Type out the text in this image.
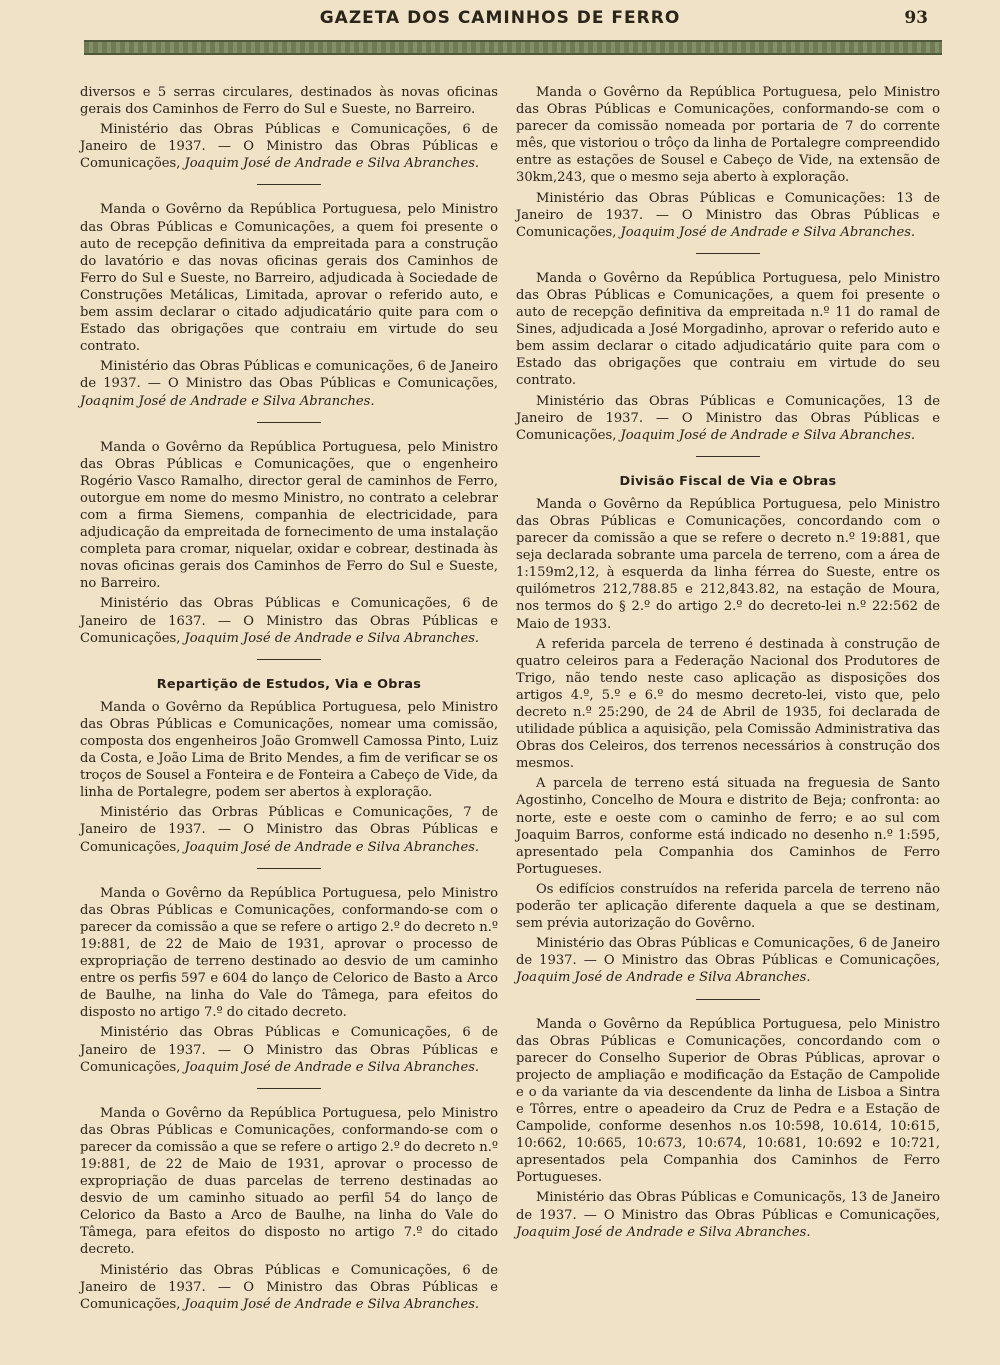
GAZETA DOS CAMINHOS DE FERRO	93

diversos e 5 serras circulares, destinados às novas oficinas gerais dos Caminhos de Ferro do Sul e Sueste, no Barreiro.

Ministério das Obras Públicas e Comunicações, 6 de Janeiro de 1937. — O Ministro das Obras Públicas e Comunicações, Joaquim José de Andrade e Silva Abranches.

Manda o Govêrno da República Portuguesa, pelo Ministro das Obras Públicas e Comunicações, a quem foi presente o auto de recepção definitiva da empreitada para a construção do lavatório e das novas oficinas gerais dos Caminhos de Ferro do Sul e Sueste, no Barreiro, adjudicada à Sociedade de Construções Metálicas, Limitada, aprovar o referido auto, e bem assim declarar o citado adjudicatário quite para com o Estado das obrigações que contraiu em virtude do seu contrato.

Ministério das Obras Públicas e comunicações, 6 de Janeiro de 1937. — O Ministro das Obas Públicas e Comunicações, Joaqnim José de Andrade e Silva Abranches.

Manda o Govêrno da República Portuguesa, pelo Ministro das Obras Públicas e Comunicações, que o engenheiro Rogério Vasco Ramalho, director geral de caminhos de Ferro, outorgue em nome do mesmo Ministro, no contrato a celebrar com a firma Siemens, companhia de electricidade, para adjudicação da empreitada de fornecimento de uma instalação completa para cromar, niquelar, oxidar e cobrear, destinada às novas oficinas gerais dos Caminhos de Ferro do Sul e Sueste, no Barreiro.

Ministério das Obras Públicas e Comunicações, 6 de Janeiro de 1637. — O Ministro das Obras Públicas e Comunicações, Joaquim José de Andrade e Silva Abranches.

Repartição de Estudos, Via e Obras

Manda o Govêrno da República Portuguesa, pelo Ministro das Obras Públicas e Comunicações, nomear uma comissão, composta dos engenheiros João Gromwell Camossa Pinto, Luiz da Costa, e João Lima de Brito Mendes, a fim de verificar se os troços de Sousel a Fonteira e de Fonteira a Cabeço de Vide, da linha de Portalegre, podem ser abertos à exploração.

Ministério das Orbras Públicas e Comunicações, 7 de Janeiro de 1937. — O Ministro das Obras Públicas e Comunicações, Joaquim José de Andrade e Silva Abranches.

Manda o Govêrno da República Portuguesa, pelo Ministro das Obras Públicas e Comunicações, conformando-se com o parecer da comissão a que se refere o artigo 2.º do decreto n.º 19:881, de 22 de Maio de 1931, aprovar o processo de expropriação de terreno destinado ao desvio de um caminho entre os perfis 597 e 604 do lanço de Celorico de Basto a Arco de Baulhe, na linha do Vale do Tâmega, para efeitos do disposto no artigo 7.º do citado decreto.

Ministério das Obras Públicas e Comunicações, 6 de Janeiro de 1937. — O Ministro das Obras Públicas e Comunicações, Joaquim José de Andrade e Silva Abranches.

Manda o Govêrno da República Portuguesa, pelo Ministro das Obras Públicas e Comunicações, conformando-se com o parecer da comissão a que se refere o artigo 2.º do decreto n.º 19:881, de 22 de Maio de 1931, aprovar o processo de expropriação de duas parcelas de terreno destinadas ao desvio de um caminho situado ao perfil 54 do lanço de Celorico da Basto a Arco de Baulhe, na linha do Vale do Tâmega, para efeitos do disposto no artigo 7.º do citado decreto.

Ministério das Obras Públicas e Comunicações, 6 de Janeiro de 1937. — O Ministro das Obras Públicas e Comunicações, Joaquim José de Andrade e Silva Abranches.

Manda o Govêrno da República Portuguesa, pelo Ministro das Obras Públicas e Comunicações, conformando-se com o parecer da comissão nomeada por portaria de 7 do corrente mês, que vistoriou o trôço da linha de Portalegre compreendido entre as estações de Sousel e Cabeço de Vide, na extensão de 30km,243, que o mesmo seja aberto à exploração.

Ministério das Obras Públicas e Comunicações: 13 de Janeiro de 1937. — O Ministro das Obras Públicas e Comunicações, Joaquim José de Andrade e Silva Abranches.

Manda o Govêrno da República Portuguesa, pelo Ministro das Obras Públicas e Comunicações, a quem foi presente o auto de recepção definitiva da empreitada n.º 11 do ramal de Sines, adjudicada a José Morgadinho, aprovar o referido auto e bem assim declarar o citado adjudicatário quite para com o Estado das obrigações que contraiu em virtude do seu contrato.

Ministério das Obras Públicas e Comunicações, 13 de Janeiro de 1937. — O Ministro das Obras Públicas e Comunicações, Joaquim José de Andrade e Silva Abranches.

Divisão Fiscal de Via e Obras

Manda o Govêrno da República Portuguesa, pelo Ministro das Obras Públicas e Comunicações, concordando com o parecer da comissão a que se refere o decreto n.º 19:881, que seja declarada sobrante uma parcela de terreno, com a área de 1:159m2,12, à esquerda da linha férrea do Sueste, entre os quilómetros 212,788.85 e 212,843.82, na estação de Moura, nos termos do § 2.º do artigo 2.º do decreto-lei n.º 22:562 de Maio de 1933.

A referida parcela de terreno é destinada à construção de quatro celeiros para a Federação Nacional dos Produtores de Trigo, não tendo neste caso aplicação as disposições dos artigos 4.º, 5.º e 6.º do mesmo decreto-lei, visto que, pelo decreto n.º 25:290, de 24 de Abril de 1935, foi declarada de utilidade pública a aquisição, pela Comissão Administrativa das Obras dos Celeiros, dos terrenos necessários à construção dos mesmos.

A parcela de terreno está situada na freguesia de Santo Agostinho, Concelho de Moura e distrito de Beja; confronta: ao norte, este e oeste com o caminho de ferro; e ao sul com Joaquim Barros, conforme está indicado no desenho n.º 1:595, apresentado pela Companhia dos Caminhos de Ferro Portugueses.

Os edifícios construídos na referida parcela de terreno não poderão ter aplicação diferente daquela a que se destinam, sem prévia autorização do Govêrno.

Ministério das Obras Públicas e Comunicações, 6 de Janeiro de 1937. — O Ministro das Obras Públicas e Comunicações, Joaquim José de Andrade e Silva Abranches.

Manda o Govêrno da República Portuguesa, pelo Ministro das Obras Públicas e Comunicações, concordando com o parecer do Conselho Superior de Obras Públicas, aprovar o projecto de ampliação e modificação da Estação de Campolide e o da variante da via descendente da linha de Lisboa a Sintra e Tôrres, entre o apeadeiro da Cruz de Pedra e a Estação de Campolide, conforme desenhos n.os 10:598, 10.614, 10:615, 10:662, 10:665, 10:673, 10:674, 10:681, 10:692 e 10:721, apresentados pela Companhia dos Caminhos de Ferro Portugueses.

Ministério das Obras Públicas e Comunicaçõs, 13 de Janeiro de 1937. — O Ministro das Obras Públicas e Comunicações, Joaquim José de Andrade e Silva Abranches.
